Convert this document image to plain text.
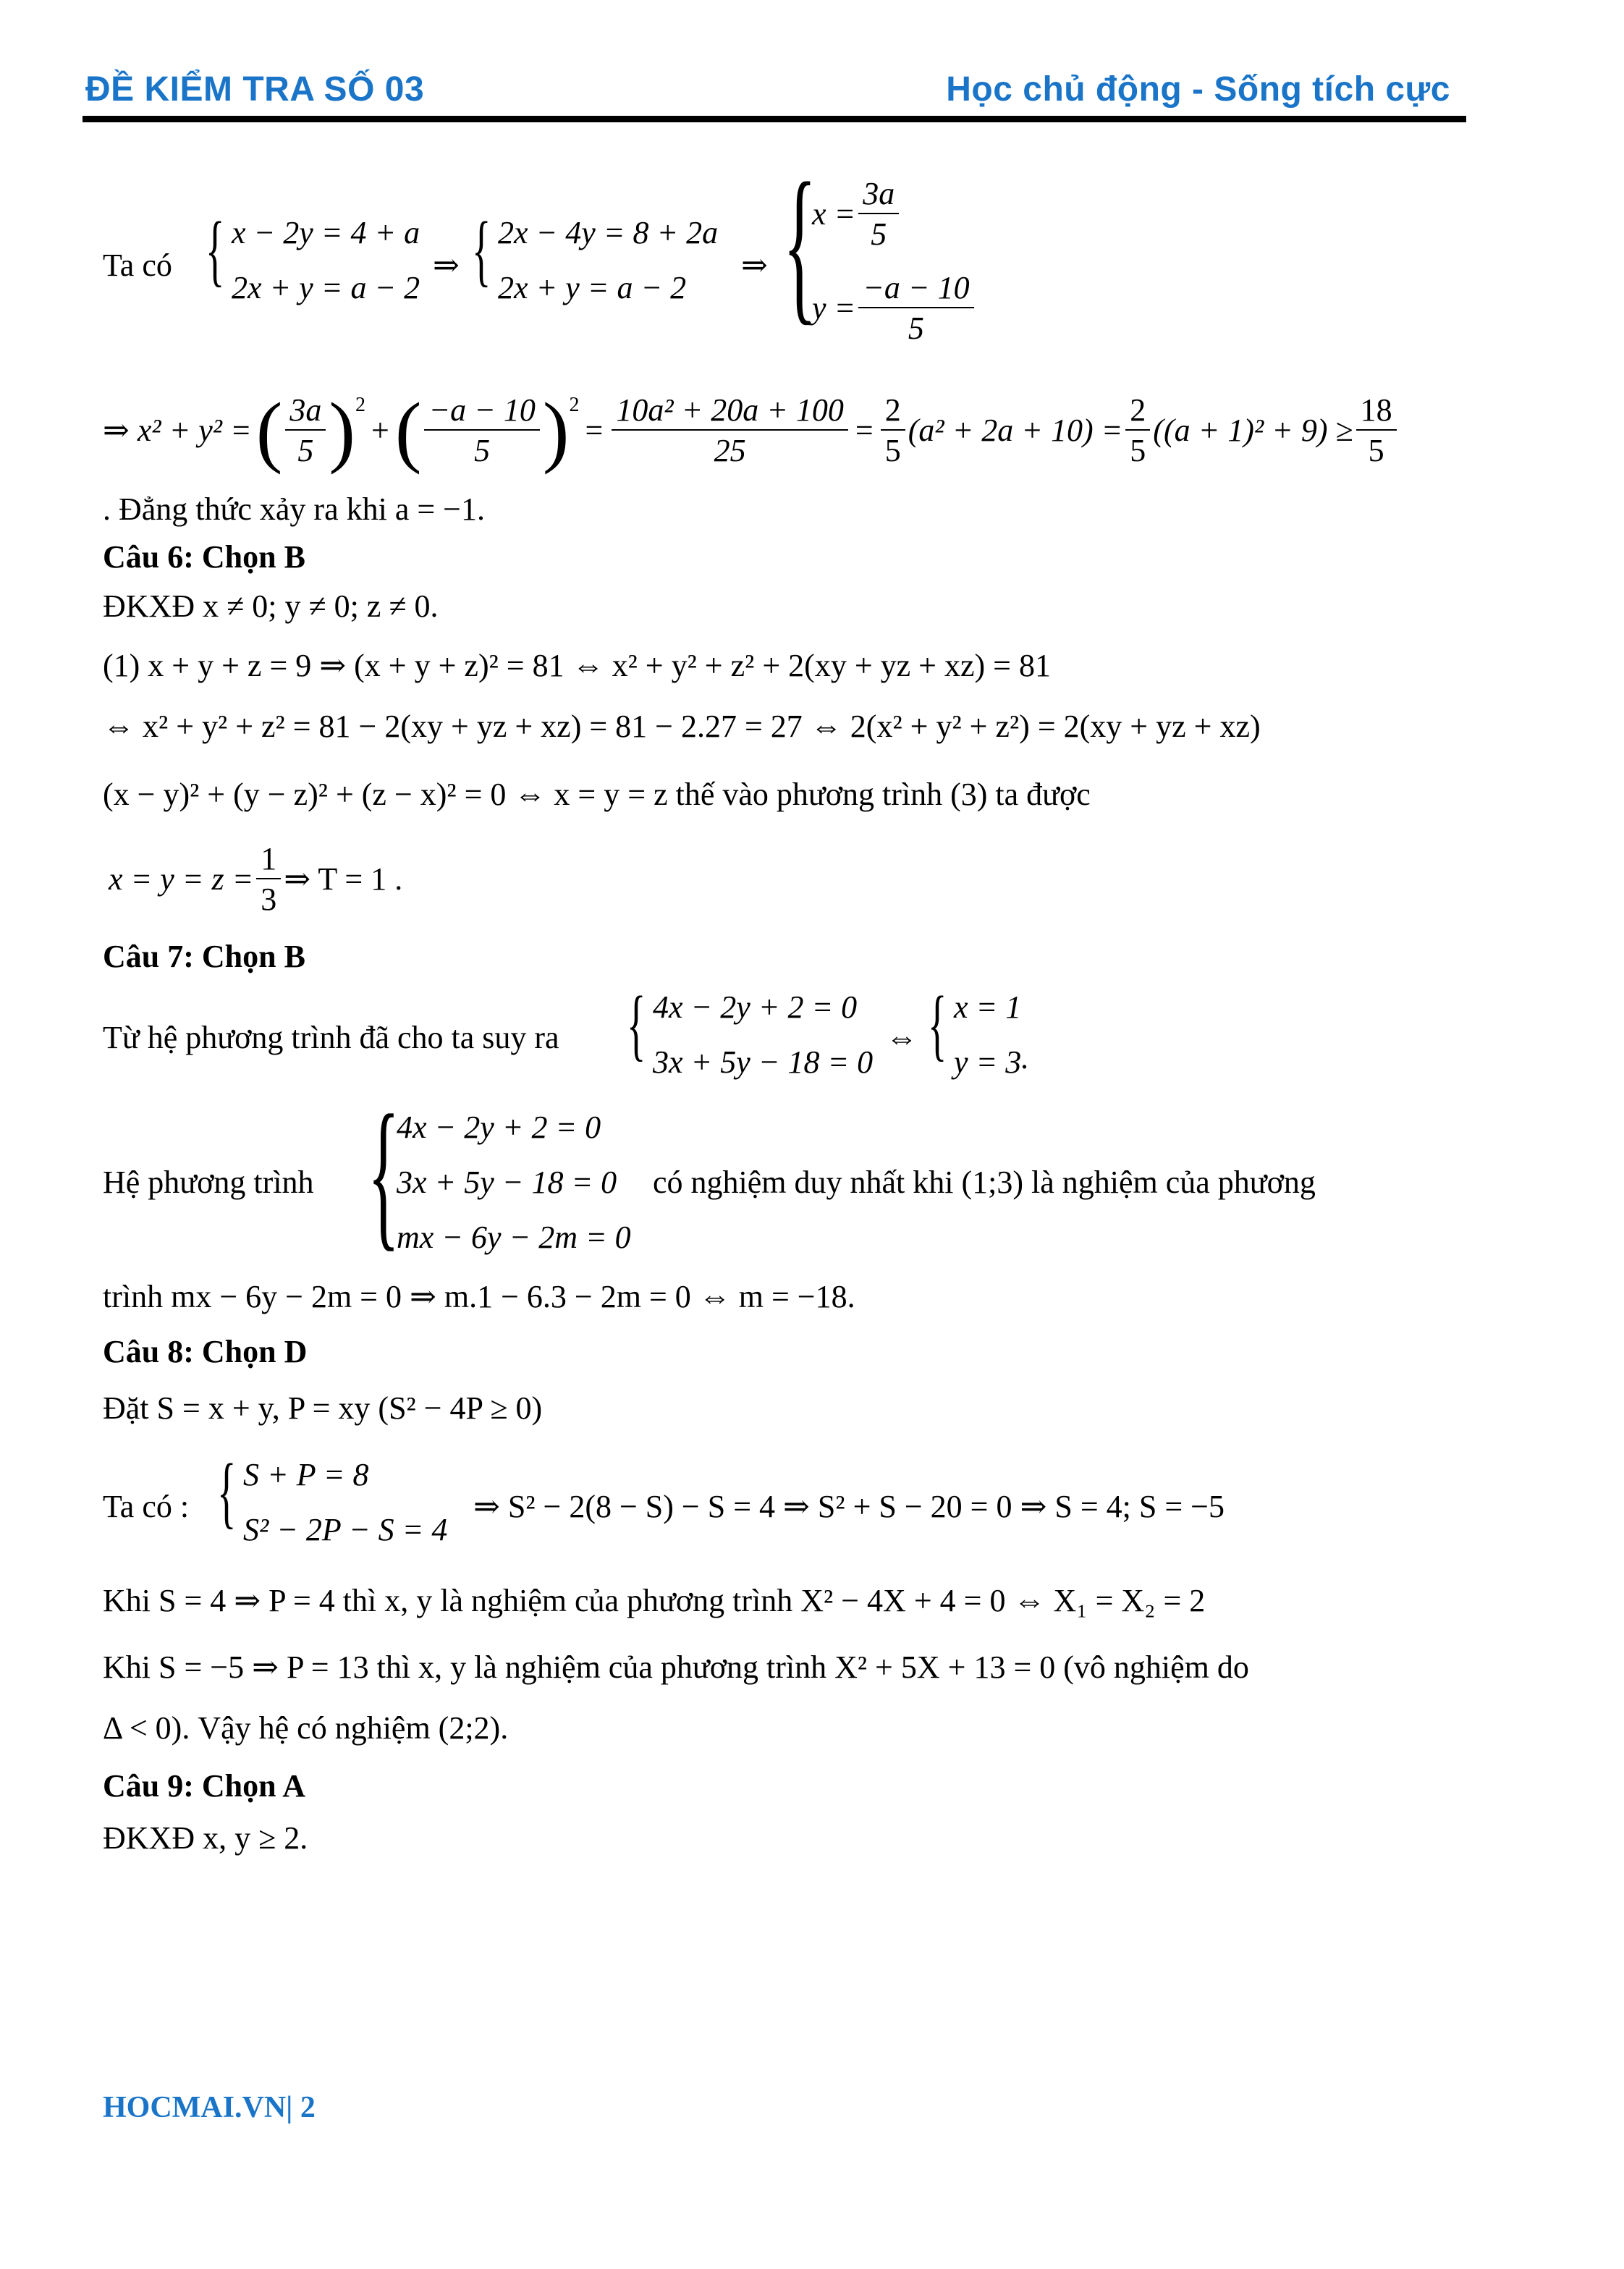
ĐỀ KIỂM TRA SỐ 03	Học chủ động - Sống tích cực
Ta có { x − 2y = 4 + a
2x + y = a − 2
⇒ { 2x − 4y = 8 + 2a
2x + y = a − 2
⇒ {
$x = \frac{3a}{5}$
$y = \frac{-a - 10}{5}$
⇒ x² + y² = ( $\frac{3a}{5} )^2$
+ ( $\frac{-a - 10}{5} )^2$
= $\frac{\text{10a² + 20a + 100}}{25} = \frac{2}{5} (a^2 + 2a + 10) = \frac{2}{5} ((a + 1)^2 + 9) \ge \frac{18}{5}$
. Đẳng thức xảy ra khi a = −1.
Câu 6: Chọn B
ĐKXĐ x ≠ 0; y ≠ 0; z ≠ 0.
(1) x + y + z = 9 ⇒ (x + y + z)² = 81 ⇔ x² + y² + z² + 2(xy + yz + xz) = 81
⇔ x² + y² + z² = 81 − 2(xy + yz + xz) = 81 − 2.27 = 27 ⇔ 2(x² + y² + z²) = 2(xy + yz + xz)
(x − y)² + (y − z)² + (z − x)² = 0 ⇔ x = y = z thế vào phương trình (3) ta được
$x = y = z = \frac{1}{3}$ ⇒ T = 1 .
Câu 7: Chọn B
Từ hệ phương trình đã cho ta suy ra { 4x − 2y + 2 = 0
3x + 5y − 18 = 0
⇔ { x = 1
y = 3
.
Hệ phương trình {
4x − 2y + 2 = 0
3x + 5y − 18 = 0
mx − 6y − 2m = 0
có nghiệm duy nhất khi (1;3) là nghiệm của phương
trình mx − 6y − 2m = 0 ⇒ m.1 − 6.3 − 2m = 0 ⇔ m = −18.
Câu 8: Chọn D
Đặt S = x + y, P = xy (S² − 4P ≥ 0)
Ta có : { S + P = 8
S² − 2P − S = 4
⇒ S² − 2(8 − S) − S = 4 ⇒ S² + S − 20 = 0 ⇒ S = 4; S = −5
Khi S = 4 ⇒ P = 4 thì x, y là nghiệm của phương trình X² − 4X + 4 = 0 ⇔ X₁ = X₂ = 2
Khi S = −5 ⇒ P = 13 thì x, y là nghiệm của phương trình X² + 5X + 13 = 0 (vô nghiệm do
Δ < 0). Vậy hệ có nghiệm (2;2).
Câu 9: Chọn A
ĐKXĐ x, y ≥ 2.
HOCMAI.VN| 2
